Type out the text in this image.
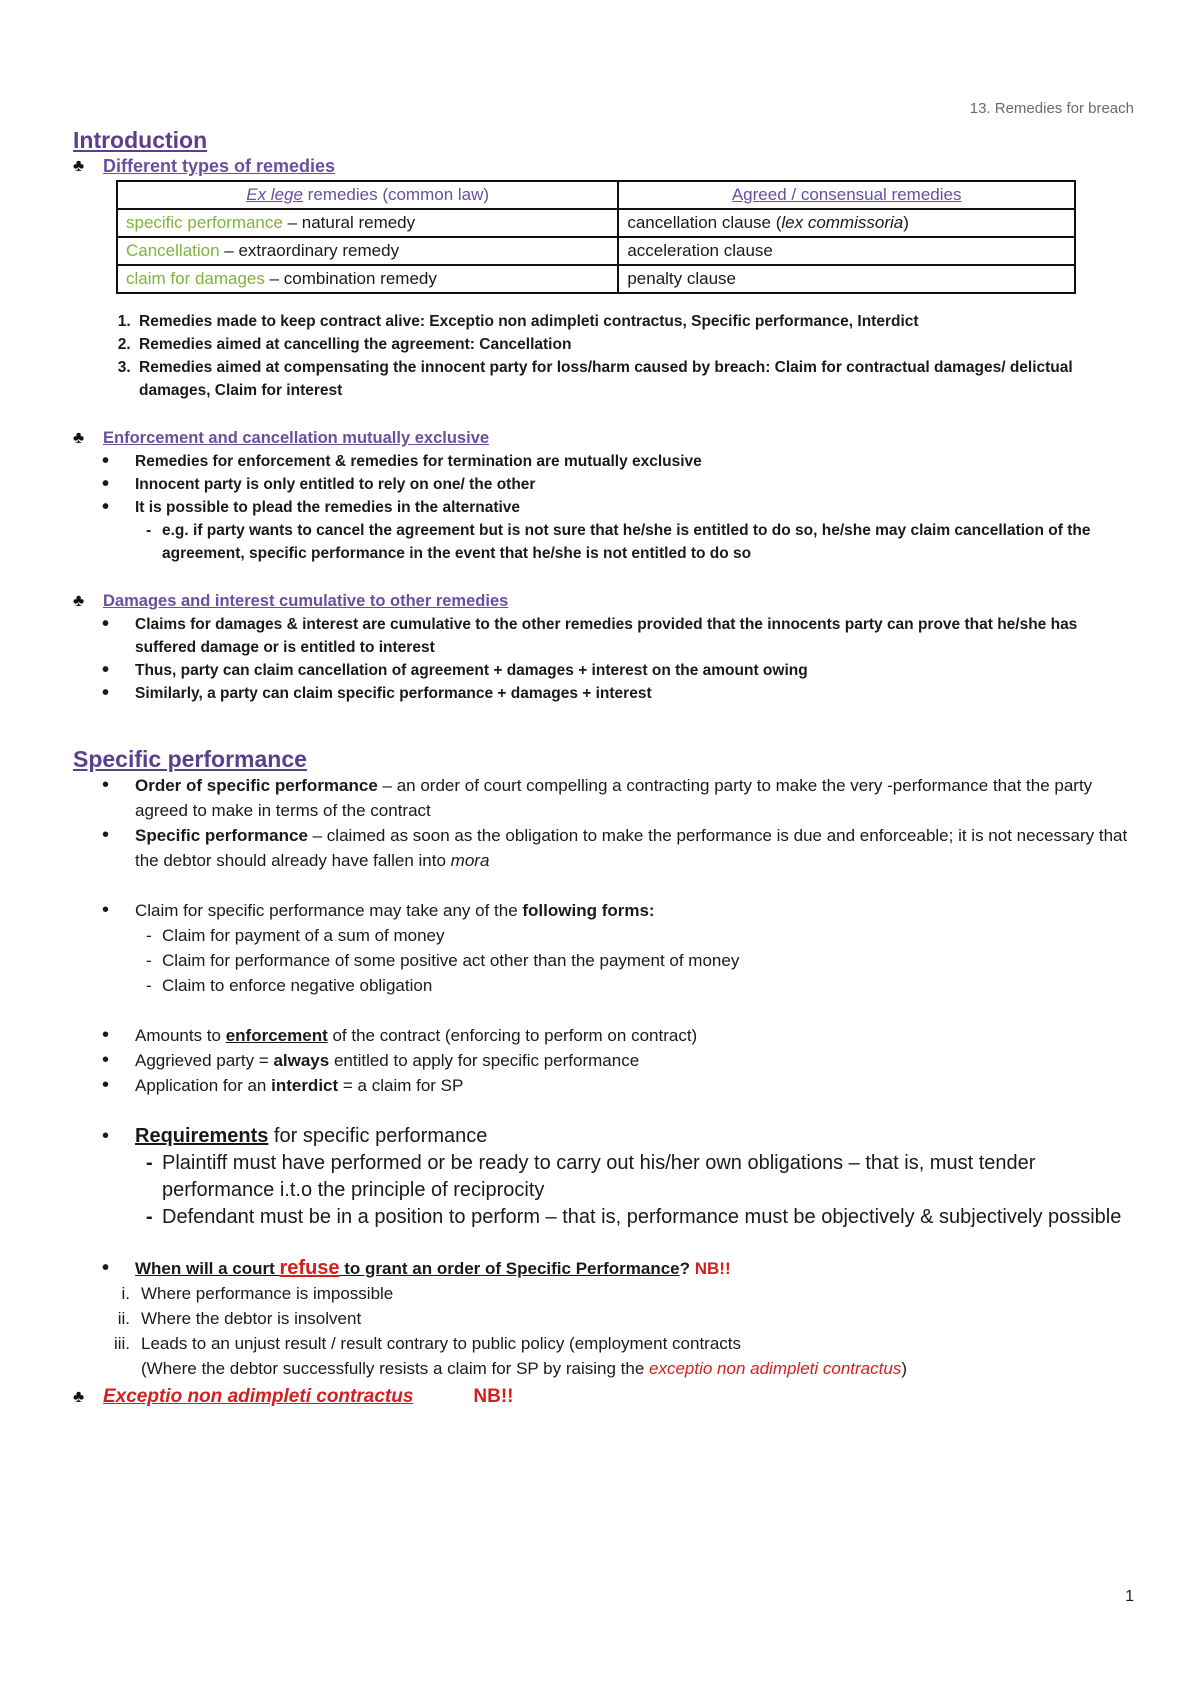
13. Remedies for breach
Introduction
♣	Different types of remedies
Ex lege remedies (common law)	Agreed / consensual remedies
specific performance – natural remedy	cancellation clause (lex commissoria)
Cancellation – extraordinary remedy	acceleration clause
claim for damages – combination remedy	penalty clause
1. Remedies made to keep contract alive: Exceptio non adimpleti contractus, Specific performance, Interdict
2. Remedies aimed at cancelling the agreement: Cancellation
3. Remedies aimed at compensating the innocent party for loss/harm caused by breach: Claim for contractual damages/ delictual damages, Claim for interest
♣	Enforcement and cancellation mutually exclusive
• Remedies for enforcement & remedies for termination are mutually exclusive
• Innocent party is only entitled to rely on one/ the other
• It is possible to plead the remedies in the alternative
- e.g. if party wants to cancel the agreement but is not sure that he/she is entitled to do so, he/she may claim cancellation of the agreement, specific performance in the event that he/she is not entitled to do so
♣	Damages and interest cumulative to other remedies
• Claims for damages & interest are cumulative to the other remedies provided that the innocents party can prove that he/she has suffered damage or is entitled to interest
• Thus, party can claim cancellation of agreement + damages + interest on the amount owing
• Similarly, a party can claim specific performance + damages + interest
Specific performance
• Order of specific performance – an order of court compelling a contracting party to make the very -performance that the party agreed to make in terms of the contract
• Specific performance – claimed as soon as the obligation to make the performance is due and enforceable; it is not necessary that the debtor should already have fallen into mora
• Claim for specific performance may take any of the following forms:
- Claim for payment of a sum of money
- Claim for performance of some positive act other than the payment of money
- Claim to enforce negative obligation
• Amounts to enforcement of the contract (enforcing to perform on contract)
• Aggrieved party = always entitled to apply for specific performance
• Application for an interdict = a claim for SP
• Requirements for specific performance
- Plaintiff must have performed or be ready to carry out his/her own obligations – that is, must tender performance i.t.o the principle of reciprocity
- Defendant must be in a position to perform – that is, performance must be objectively & subjectively possible
• When will a court refuse to grant an order of Specific Performance? NB!!
i. Where performance is impossible
ii. Where the debtor is insolvent
iii. Leads to an unjust result / result contrary to public policy (employment contracts
(Where the debtor successfully resists a claim for SP by raising the exceptio non adimpleti contractus)
♣ Exceptio non adimpleti contractus	NB!!
1
